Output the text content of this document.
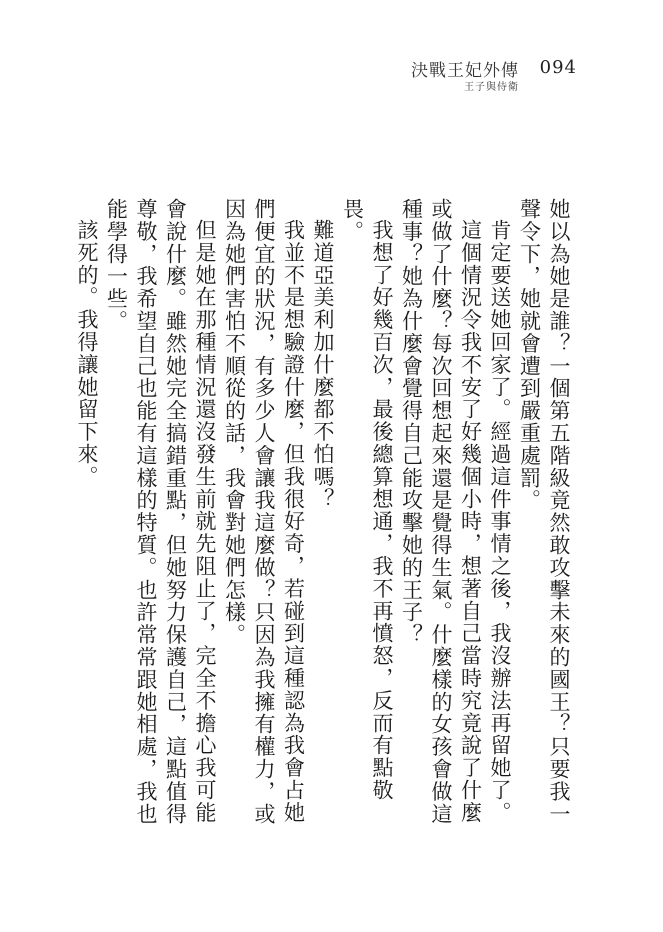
決戰王妃外傳
王子與侍衛
094

她以為她是誰？一個第五階級竟然敢攻擊未來的國王？只要我一聲令下，她就會遭到嚴重處罰。

肯定要送她回家了。經過這件事情之後，我沒辦法再留她了。

這個情況令我不安了好幾個小時，想著自己當時究竟說了什麼或做了什麼？每次回想起來還是覺得生氣。什麼樣的女孩會做這種事？她為什麼會覺得自己能攻擊她的王子？

我想了好幾百次，最後總算想通，我不再憤怒，反而有點敬畏。

難道亞美利加什麼都不怕嗎？

我並不是想驗證什麼，但我很好奇，若碰到這種認為我會占她們便宜的狀況，有多少人會讓我這麼做？只因為我擁有權力，或因為她們害怕不順從的話，我會對她們怎樣。

但是她在那種情況還沒發生前就先阻止了，完全不擔心我可能會說什麼。雖然她完全搞錯重點，但她努力保護自己，這點值得尊敬，我希望自己也能有這樣的特質。也許常常跟她相處，我也能學得一些。

該死的。我得讓她留下來。
